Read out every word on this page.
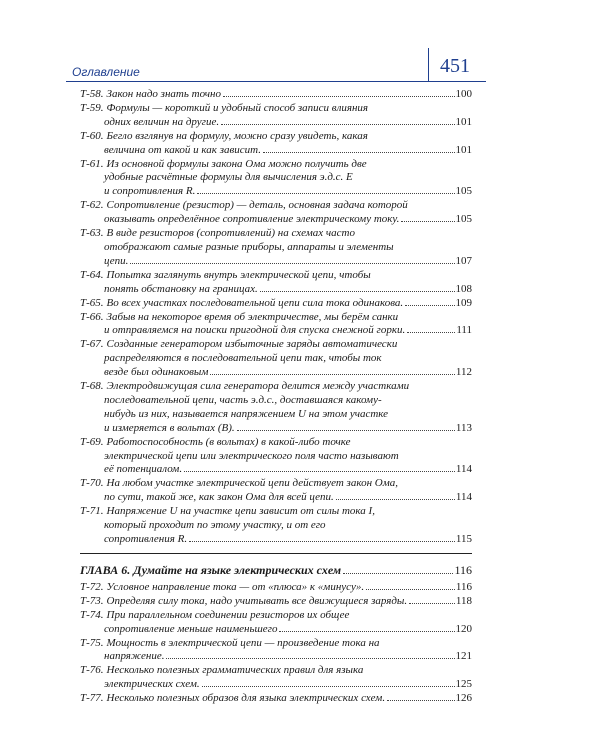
Оглавление	451
Т-58. Закон надо знать точно	100
Т-59. Формулы — короткий и удобный способ записи влияния
одних величин на другие.	101
Т-60. Бегло взглянув на формулу, можно сразу увидеть, какая
величина от какой и как зависит.	101
Т-61. Из основной формулы закона Ома можно получить две
удобные расчётные формулы для вычисления э.д.с. Е
и сопротивления R.	105
Т-62. Сопротивление (резистор) — деталь, основная задача которой
оказывать определённое сопротивление электрическому току.	105
Т-63. В виде резисторов (сопротивлений) на схемах часто
отображают самые разные приборы, аппараты и элементы
цепи.	107
Т-64. Попытка заглянуть внутрь электрической цепи, чтобы
понять обстановку на границах.	108
Т-65. Во всех участках последовательной цепи сила тока одинакова.	109
Т-66. Забыв на некоторое время об электричестве, мы берём санки
и отправляемся на поиски пригодной для спуска снежной горки.	111
Т-67. Созданные генератором избыточные заряды автоматически
распределяются в последовательной цепи так, чтобы ток
везде был одинаковым	112
Т-68. Электродвижущая сила генератора делится между участками
последовательной цепи, часть э.д.с., доставшаяся какому-
нибудь из них, называется напряжением U на этом участке
и измеряется в вольтах (В).	113
Т-69. Работоспособность (в вольтах) в какой-либо точке
электрической цепи или электрического поля часто называют
её потенциалом.	114
Т-70. На любом участке электрической цепи действует закон Ома,
по сути, такой же, как закон Ома для всей цепи.	114
Т-71. Напряжение U на участке цепи зависит от силы тока I,
который проходит по этому участку, и от его
сопротивления R.	115
ГЛАВА 6. Думайте на языке электрических схем	116
Т-72. Условное направление тока — от «плюса» к «минусу».	116
Т-73. Определяя силу тока, надо учитывать все движущиеся заряды.	118
Т-74. При параллельном соединении резисторов их общее
сопротивление меньше наименьшего	120
Т-75. Мощность в электрической цепи — произведение тока на
напряжение.	121
Т-76. Несколько полезных грамматических правил для языка
электрических схем.	125
Т-77. Несколько полезных образов для языка электрических схем.	126
